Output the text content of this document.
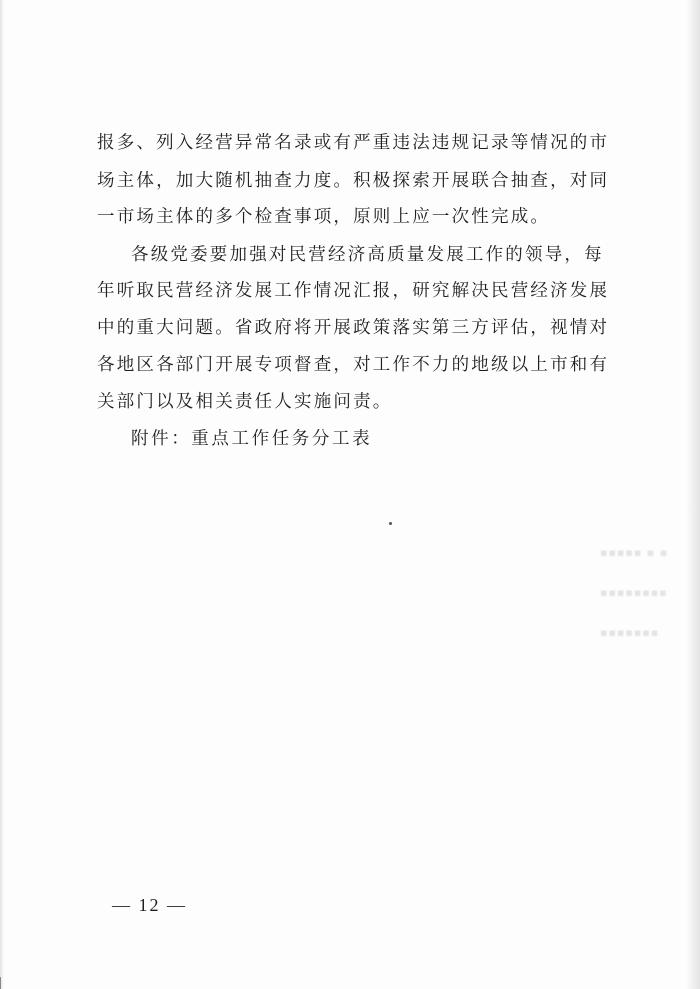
报多、列入经营异常名录或有严重违法违规记录等情况的市
场主体，加大随机抽查力度。积极探索开展联合抽查，对同
一市场主体的多个检查事项，原则上应一次性完成。
各级党委要加强对民营经济高质量发展工作的领导，每
年听取民营经济发展工作情况汇报，研究解决民营经济发展
中的重大问题。省政府将开展政策落实第三方评估，视情对
各地区各部门开展专项督查，对工作不力的地级以上市和有
关部门以及相关责任人实施问责。
附件：重点工作任务分工表
▪▪▪▪▪ ▪ ▪
▪▪▪▪▪▪▪▪
▪▪▪▪▪▪▪
— 12 —
